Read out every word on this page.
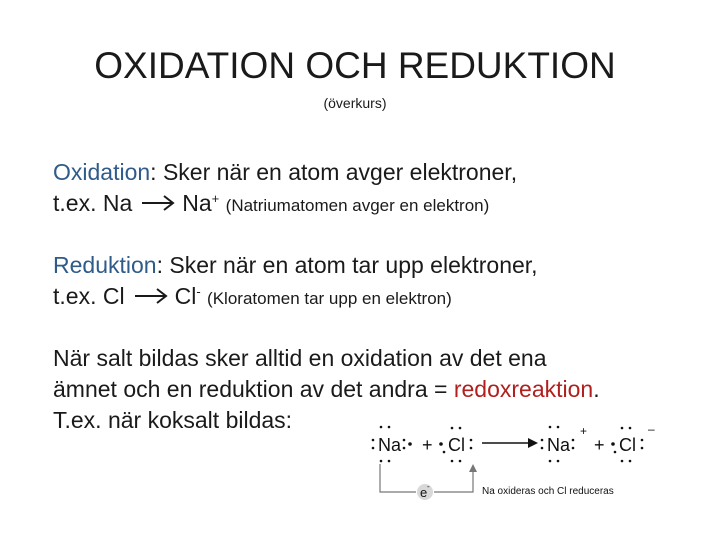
OXIDATION OCH REDUKTION
(överkurs)
Oxidation: Sker när en atom avger elektroner,
t.ex. Na Na+ (Natriumatomen avger en elektron)
Reduktion: Sker när en atom tar upp elektroner,
t.ex. Cl Cl- (Kloratomen tar upp en elektron)
När salt bildas sker alltid en oxidation av det ena
ämnet och en reduktion av det andra = redoxreaktion.
T.ex. när koksalt bildas:
Na + Cl	Na
+
+ Cl
–
e -	Na oxideras och Cl reduceras
